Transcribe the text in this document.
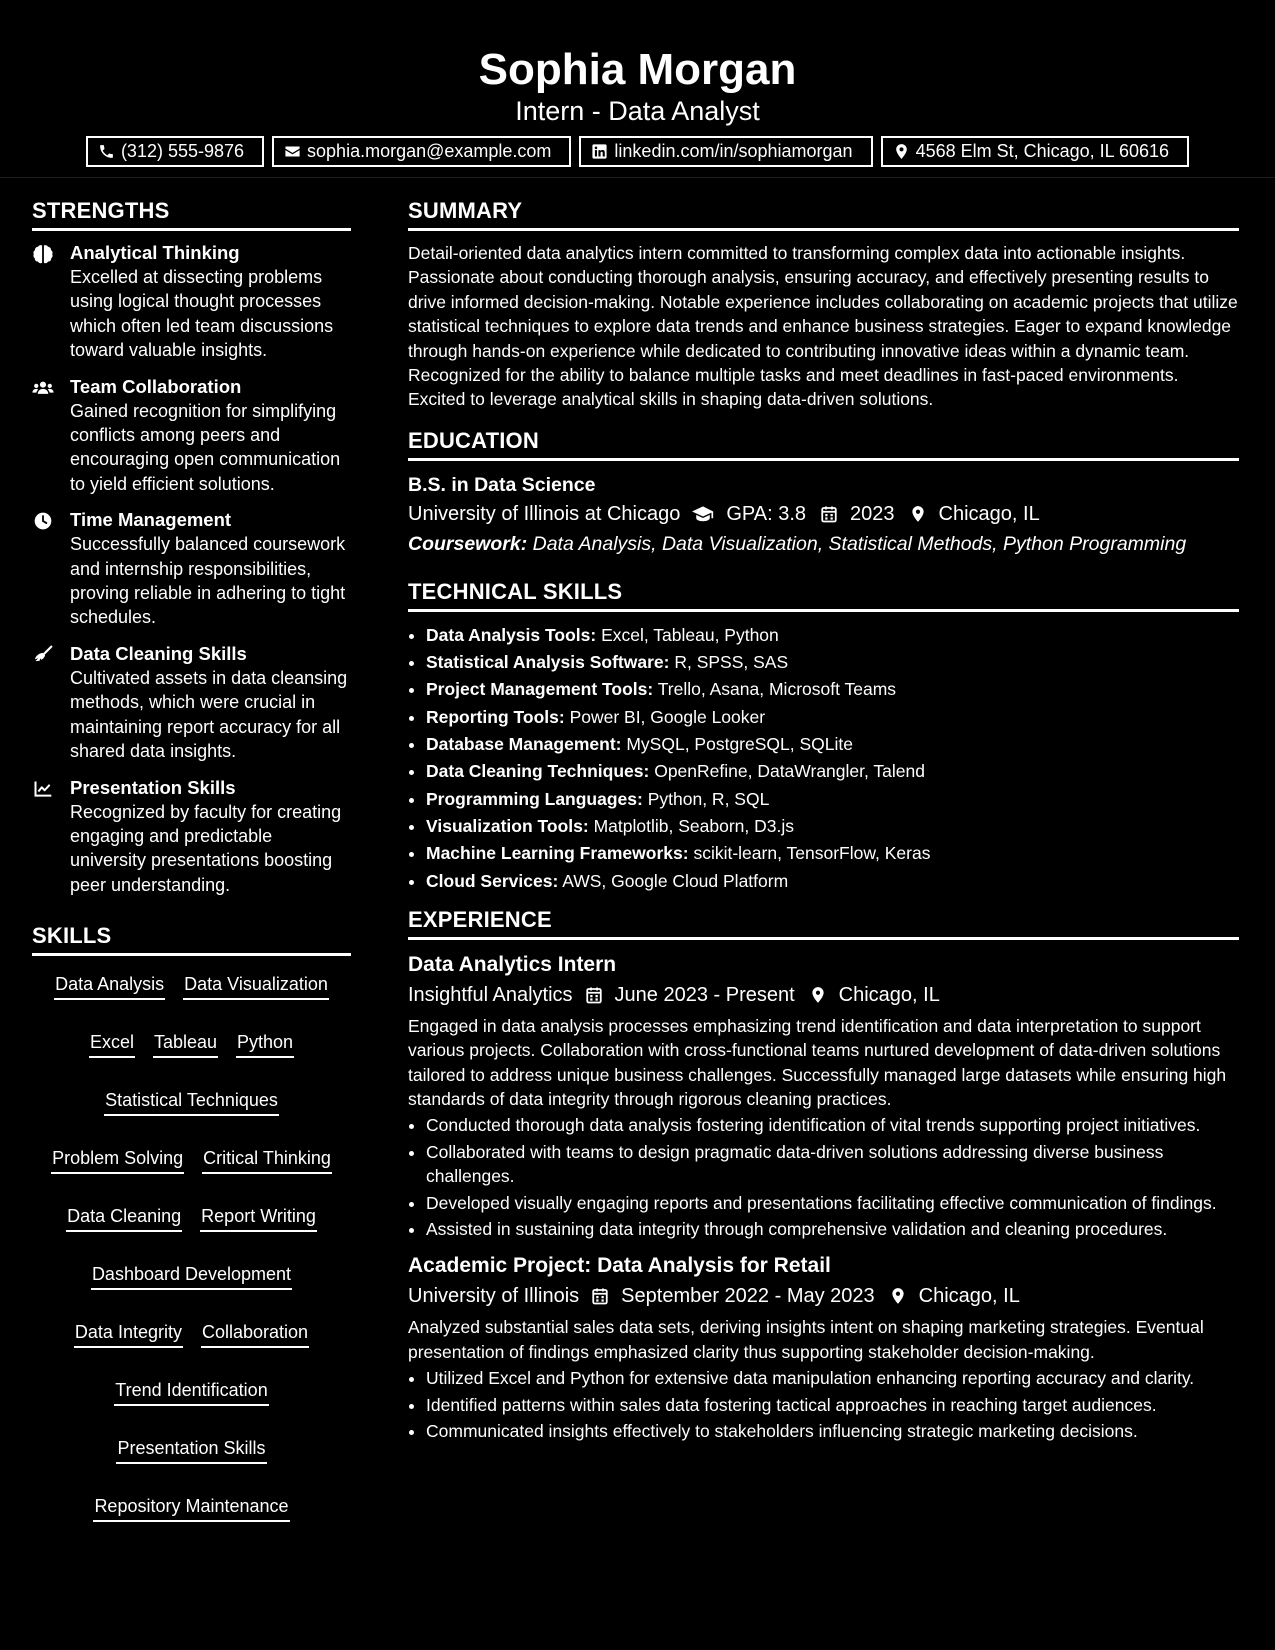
Sophia Morgan
Intern - Data Analyst
(312) 555-9876	sophia.morgan@example.com	linkedin.com/in/sophiamorgan	4568 Elm St, Chicago, IL 60616
STRENGTHS
Analytical Thinking
Excelled at dissecting problems using logical thought processes which often led team discussions toward valuable insights.
Team Collaboration
Gained recognition for simplifying conflicts among peers and encouraging open communication to yield efficient solutions.
Time Management
Successfully balanced coursework and internship responsibilities, proving reliable in adhering to tight schedules.
Data Cleaning Skills
Cultivated assets in data cleansing methods, which were crucial in maintaining report accuracy for all shared data insights.
Presentation Skills
Recognized by faculty for creating engaging and predictable university presentations boosting peer understanding.
SKILLS
Data Analysis Data Visualization
Excel Tableau Python
Statistical Techniques
Problem Solving Critical Thinking
Data Cleaning Report Writing
Dashboard Development
Data Integrity Collaboration
Trend Identification
Presentation Skills
Repository Maintenance
SUMMARY
Detail-oriented data analytics intern committed to transforming complex data into actionable insights. Passionate about conducting thorough analysis, ensuring accuracy, and effectively presenting results to drive informed decision-making. Notable experience includes collaborating on academic projects that utilize statistical techniques to explore data trends and enhance business strategies. Eager to expand knowledge through hands-on experience while dedicated to contributing innovative ideas within a dynamic team. Recognized for the ability to balance multiple tasks and meet deadlines in fast-paced environments. Excited to leverage analytical skills in shaping data-driven solutions.
EDUCATION
B.S. in Data Science
University of Illinois at Chicago GPA: 3.8 2023 Chicago, IL
Coursework: Data Analysis, Data Visualization, Statistical Methods, Python Programming
TECHNICAL SKILLS
• Data Analysis Tools: Excel, Tableau, Python
• Statistical Analysis Software: R, SPSS, SAS
• Project Management Tools: Trello, Asana, Microsoft Teams
• Reporting Tools: Power BI, Google Looker
• Database Management: MySQL, PostgreSQL, SQLite
• Data Cleaning Techniques: OpenRefine, DataWrangler, Talend
• Programming Languages: Python, R, SQL
• Visualization Tools: Matplotlib, Seaborn, D3.js
• Machine Learning Frameworks: scikit-learn, TensorFlow, Keras
• Cloud Services: AWS, Google Cloud Platform
EXPERIENCE
Data Analytics Intern
Insightful Analytics June 2023 - Present Chicago, IL
Engaged in data analysis processes emphasizing trend identification and data interpretation to support various projects. Collaboration with cross-functional teams nurtured development of data-driven solutions tailored to address unique business challenges. Successfully managed large datasets while ensuring high standards of data integrity through rigorous cleaning practices.
• Conducted thorough data analysis fostering identification of vital trends supporting project initiatives.
• Collaborated with teams to design pragmatic data-driven solutions addressing diverse business challenges.
• Developed visually engaging reports and presentations facilitating effective communication of findings.
• Assisted in sustaining data integrity through comprehensive validation and cleaning procedures.
Academic Project: Data Analysis for Retail
University of Illinois September 2022 - May 2023 Chicago, IL
Analyzed substantial sales data sets, deriving insights intent on shaping marketing strategies. Eventual presentation of findings emphasized clarity thus supporting stakeholder decision-making.
• Utilized Excel and Python for extensive data manipulation enhancing reporting accuracy and clarity.
• Identified patterns within sales data fostering tactical approaches in reaching target audiences.
• Communicated insights effectively to stakeholders influencing strategic marketing decisions.
